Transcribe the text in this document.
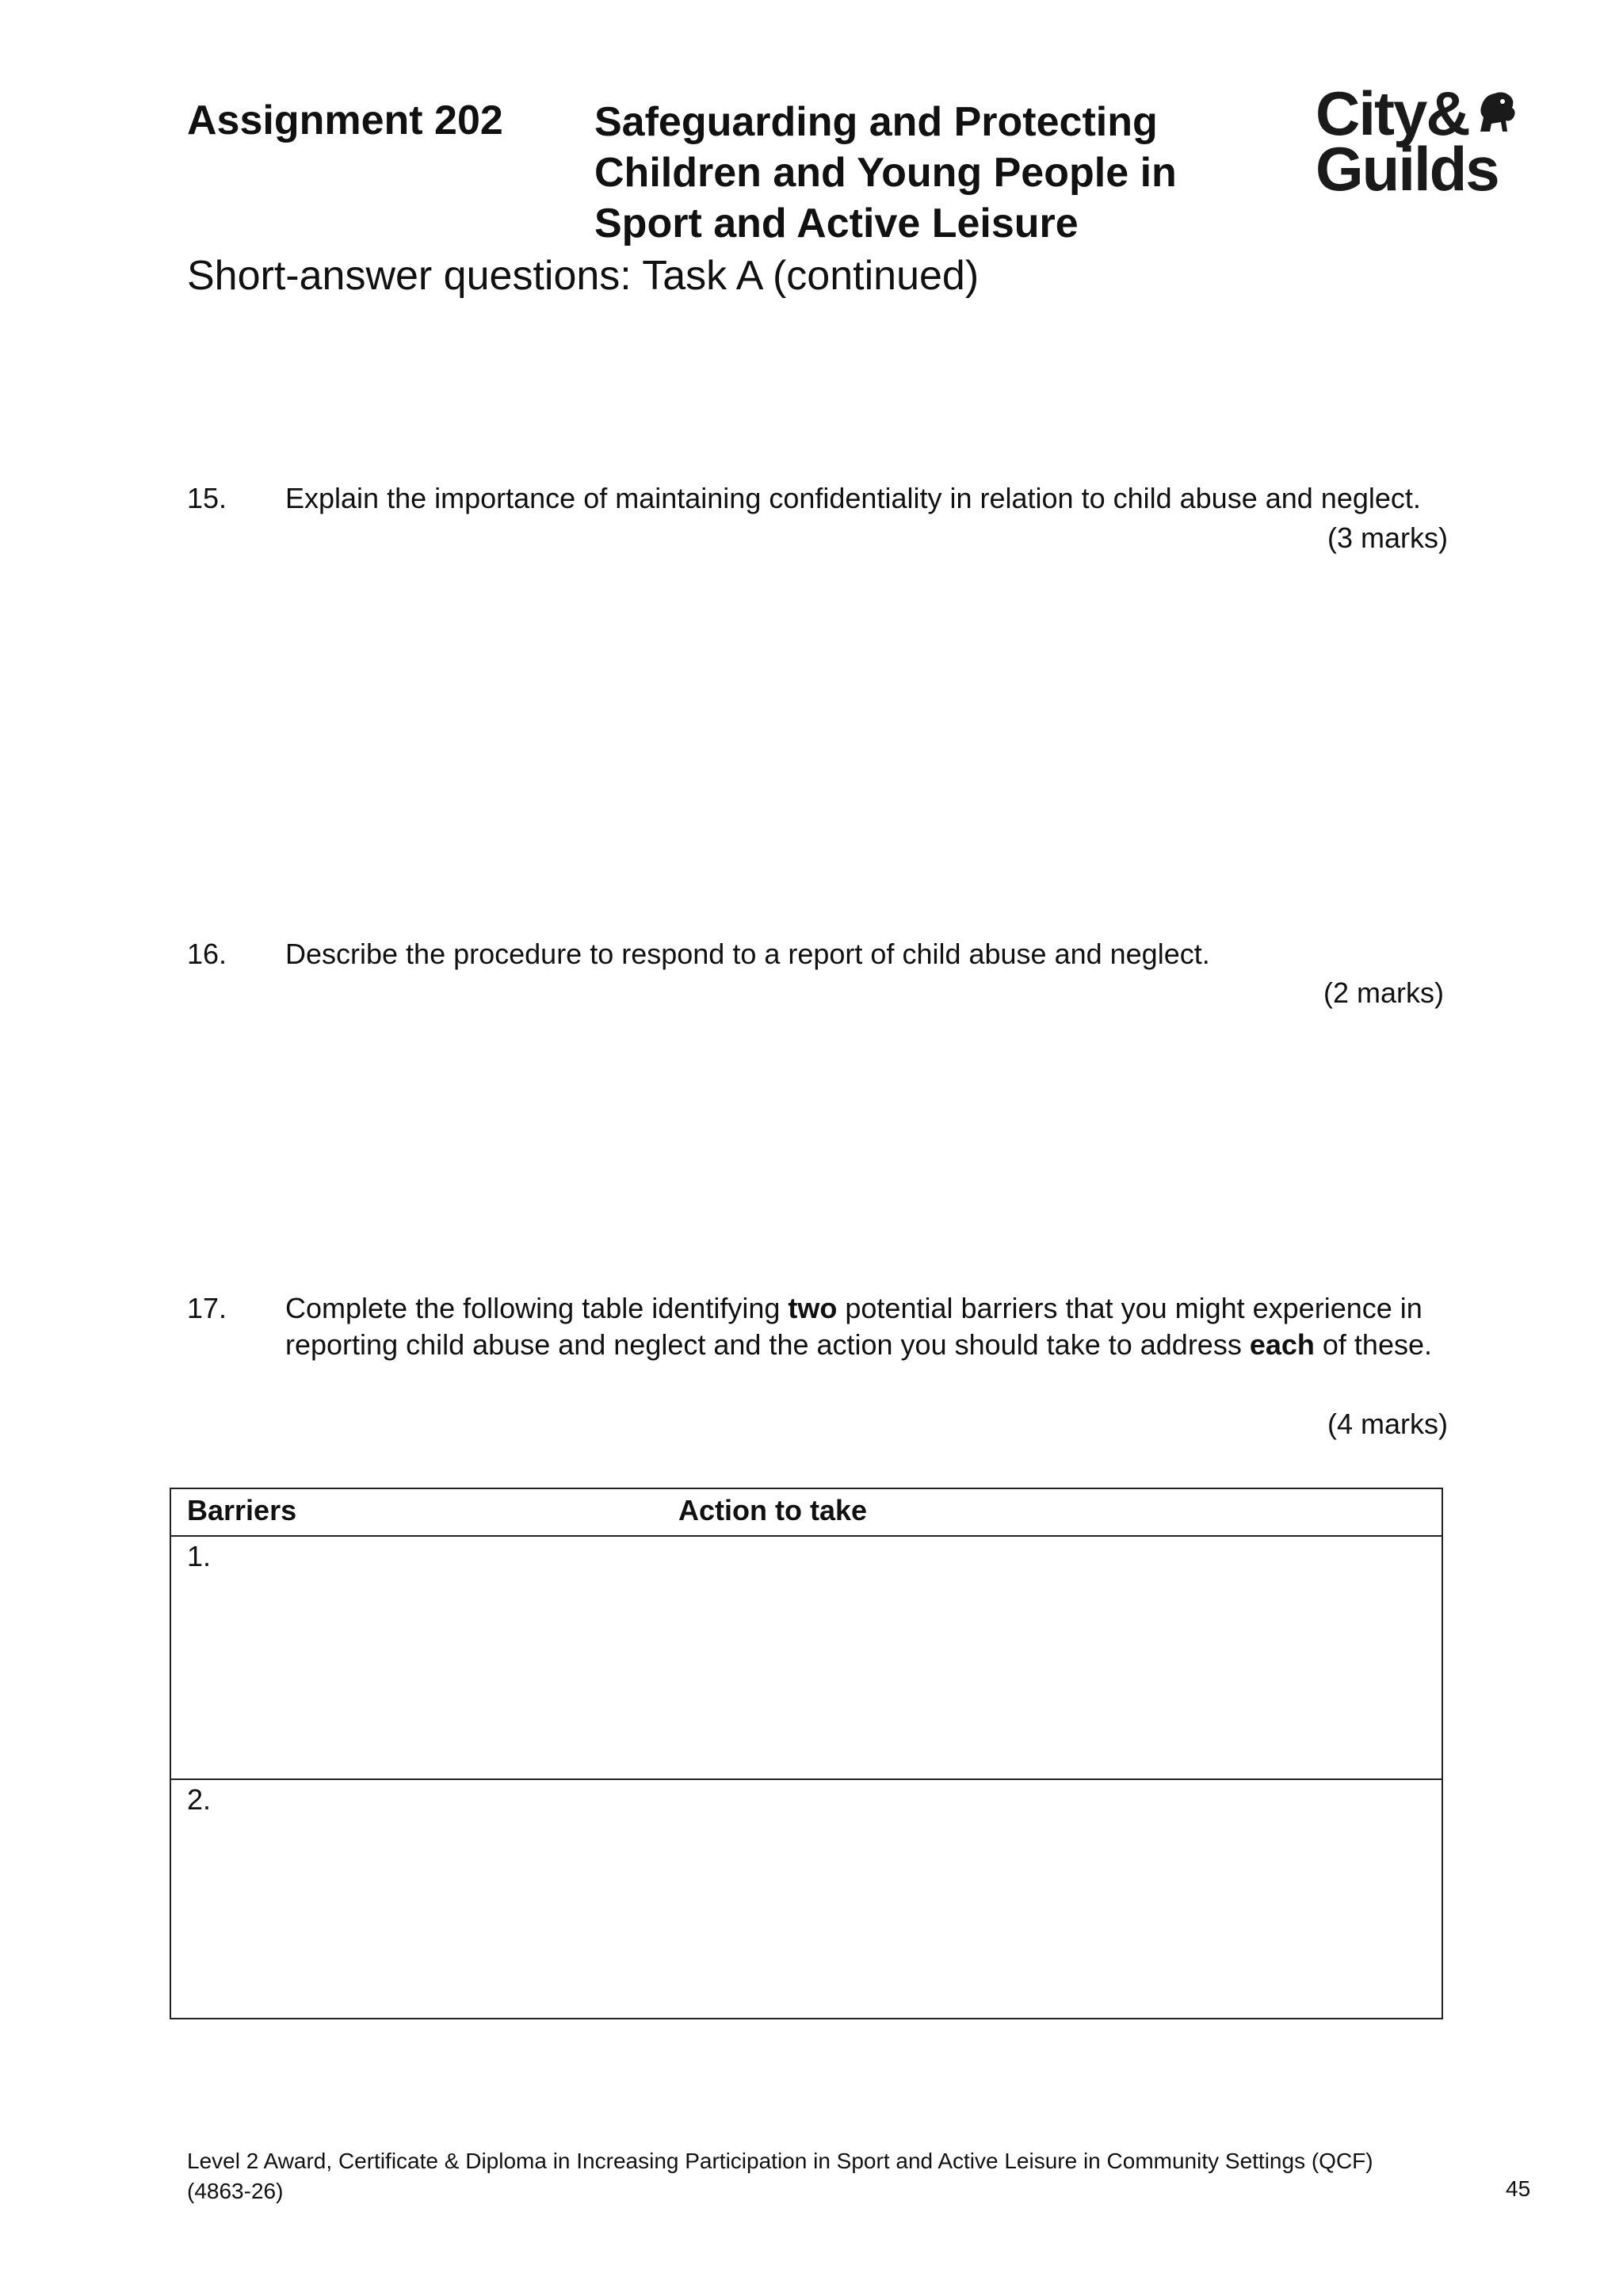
Assignment 202 Safeguarding and Protecting
Children and Young People in
Sport and Active Leisure
Short-answer questions: Task A (continued)
City&
Guilds
15. Explain the importance of maintaining confidentiality in relation to child abuse and neglect.
(3 marks)
16. Describe the procedure to respond to a report of child abuse and neglect.
(2 marks)
17. Complete the following table identifying two potential barriers that you might experience in
reporting child abuse and neglect and the action you should take to address each of these.
(4 marks)
Barriers	Action to take
1.
2.
Level 2 Award, Certificate & Diploma in Increasing Participation in Sport and Active Leisure in Community Settings (QCF)
(4863-26)	45
